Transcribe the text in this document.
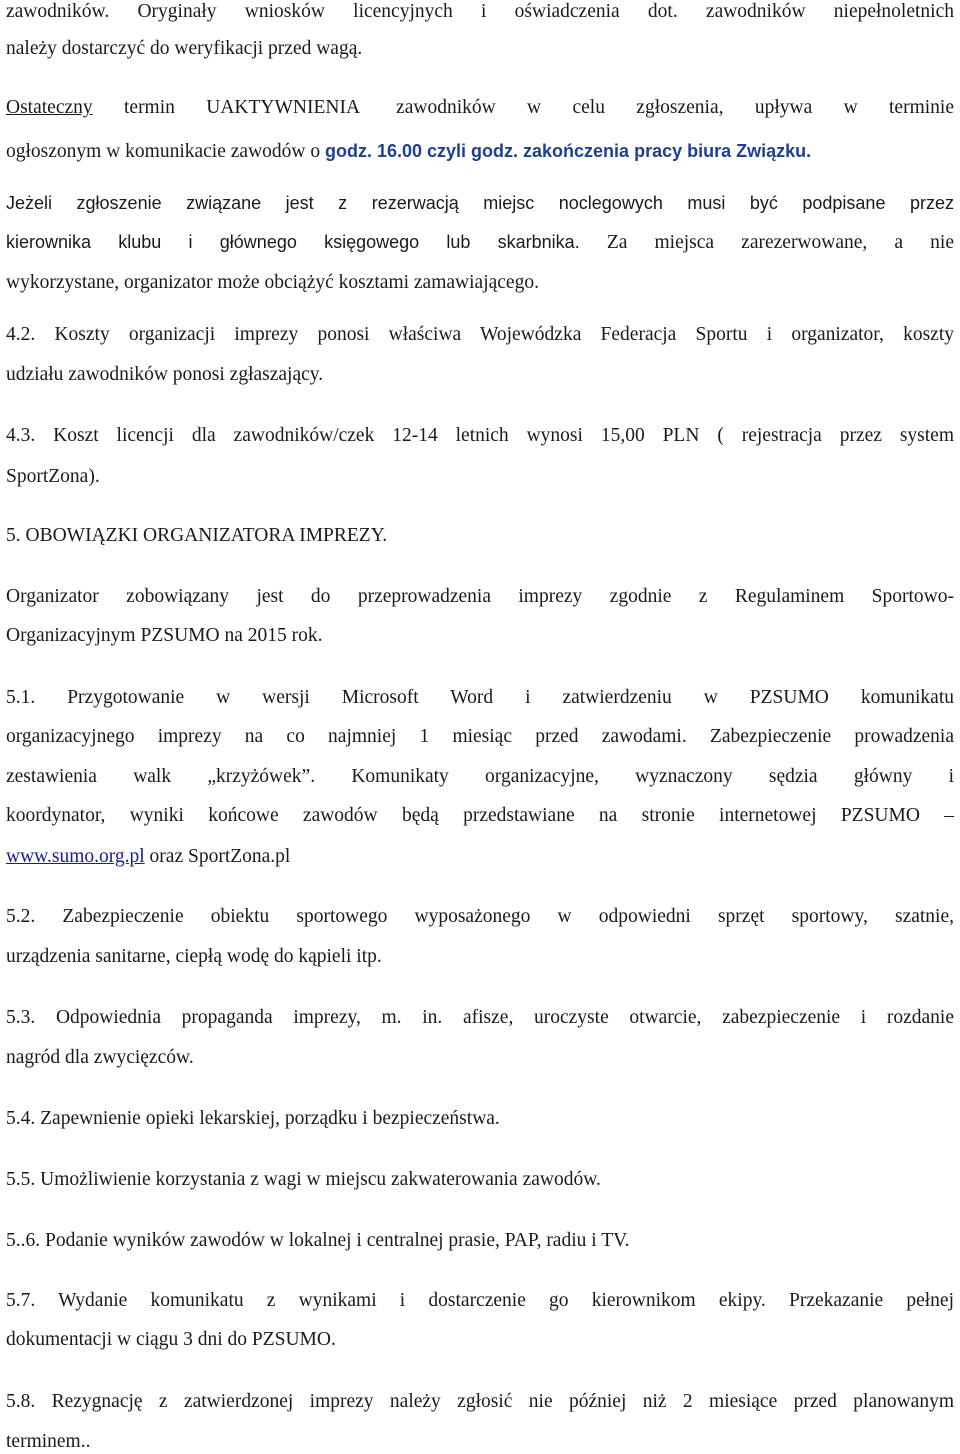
zawodników. Oryginały wniosków licencyjnych i oświadczenia dot. zawodników niepełnoletnich
należy dostarczyć do weryfikacji przed wagą.
Ostateczny termin UAKTYWNIENIA zawodników w celu zgłoszenia, upływa w terminie
ogłoszonym w komunikacie zawodów o godz. 16.00 czyli godz. zakończenia pracy biura Związku.
Jeżeli zgłoszenie związane jest z rezerwacją miejsc noclegowych musi być podpisane przez
kierownika klubu i głównego księgowego lub skarbnika. Za miejsca zarezerwowane, a nie
wykorzystane, organizator może obciążyć kosztami zamawiającego.
4.2. Koszty organizacji imprezy ponosi właściwa Wojewódzka Federacja Sportu i organizator, koszty
udziału zawodników ponosi zgłaszający.
4.3. Koszt licencji dla zawodników/czek 12-14 letnich wynosi 15,00 PLN ( rejestracja przez system
SportZona).
5. OBOWIĄZKI ORGANIZATORA IMPREZY.
Organizator zobowiązany jest do przeprowadzenia imprezy zgodnie z Regulaminem Sportowo-
Organizacyjnym PZSUMO na 2015 rok.
5.1. Przygotowanie w wersji Microsoft Word i zatwierdzeniu w PZSUMO komunikatu
organizacyjnego imprezy na co najmniej 1 miesiąc przed zawodami. Zabezpieczenie prowadzenia
zestawienia walk „krzyżówek”. Komunikaty organizacyjne, wyznaczony sędzia główny i
koordynator, wyniki końcowe zawodów będą przedstawiane na stronie internetowej PZSUMO –
www.sumo.org.pl oraz SportZona.pl
5.2. Zabezpieczenie obiektu sportowego wyposażonego w odpowiedni sprzęt sportowy, szatnie,
urządzenia sanitarne, ciepłą wodę do kąpieli itp.
5.3. Odpowiednia propaganda imprezy, m. in. afisze, uroczyste otwarcie, zabezpieczenie i rozdanie
nagród dla zwycięzców.
5.4. Zapewnienie opieki lekarskiej, porządku i bezpieczeństwa.
5.5. Umożliwienie korzystania z wagi w miejscu zakwaterowania zawodów.
5..6. Podanie wyników zawodów w lokalnej i centralnej prasie, PAP, radiu i TV.
5.7. Wydanie komunikatu z wynikami i dostarczenie go kierownikom ekipy. Przekazanie pełnej
dokumentacji w ciągu 3 dni do PZSUMO.
5.8. Rezygnację z zatwierdzonej imprezy należy zgłosić nie później niż 2 miesiące przed planowanym
terminem..
